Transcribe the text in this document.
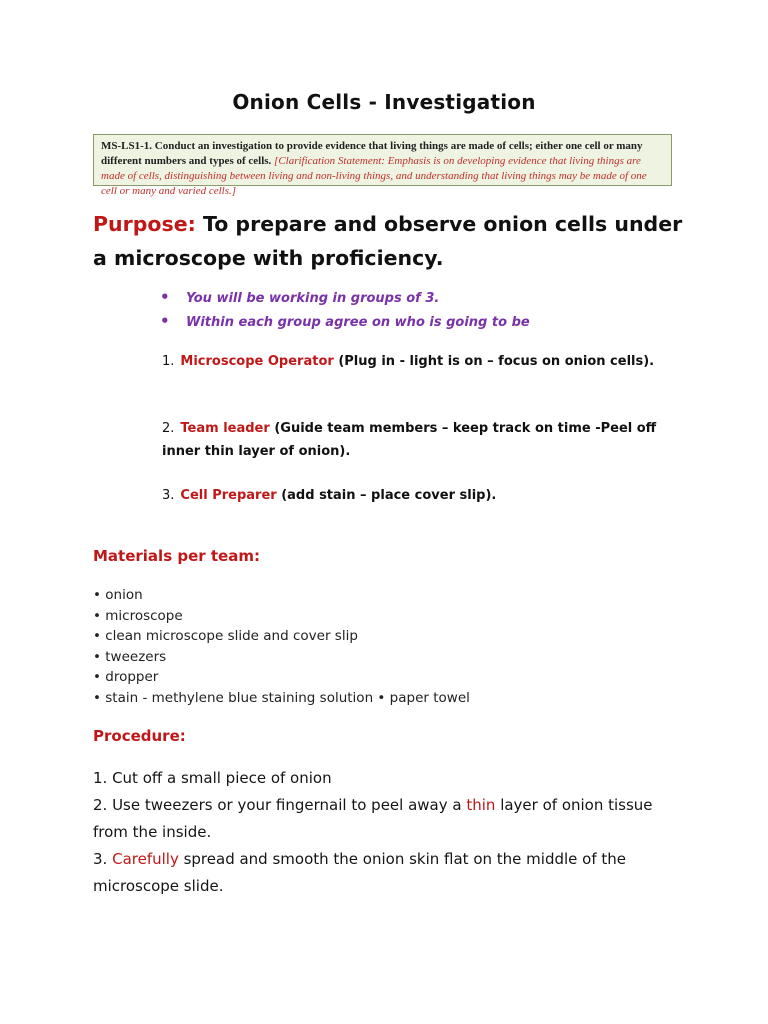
Onion Cells - Investigation
MS-LS1-1. Conduct an investigation to provide evidence that living things are made of cells; either one cell or many different numbers and types of cells. [Clarification Statement: Emphasis is on developing evidence that living things are made of cells, distinguishing between living and non-living things, and understanding that living things may be made of one cell or many and varied cells.]
Purpose: To prepare and observe onion cells under a microscope with proficiency.
• You will be working in groups of 3.
• Within each group agree on who is going to be
1. Microscope Operator (Plug in - light is on – focus on onion cells).
2. Team leader (Guide team members – keep track on time -Peel off inner thin layer of onion).
3. Cell Preparer (add stain – place cover slip).
Materials per team:
• onion
• microscope
• clean microscope slide and cover slip
• tweezers
• dropper
• stain - methylene blue staining solution • paper towel
Procedure:
1. Cut off a small piece of onion
2. Use tweezers or your fingernail to peel away a thin layer of onion tissue from the inside.
3. Carefully spread and smooth the onion skin flat on the middle of the microscope slide.
